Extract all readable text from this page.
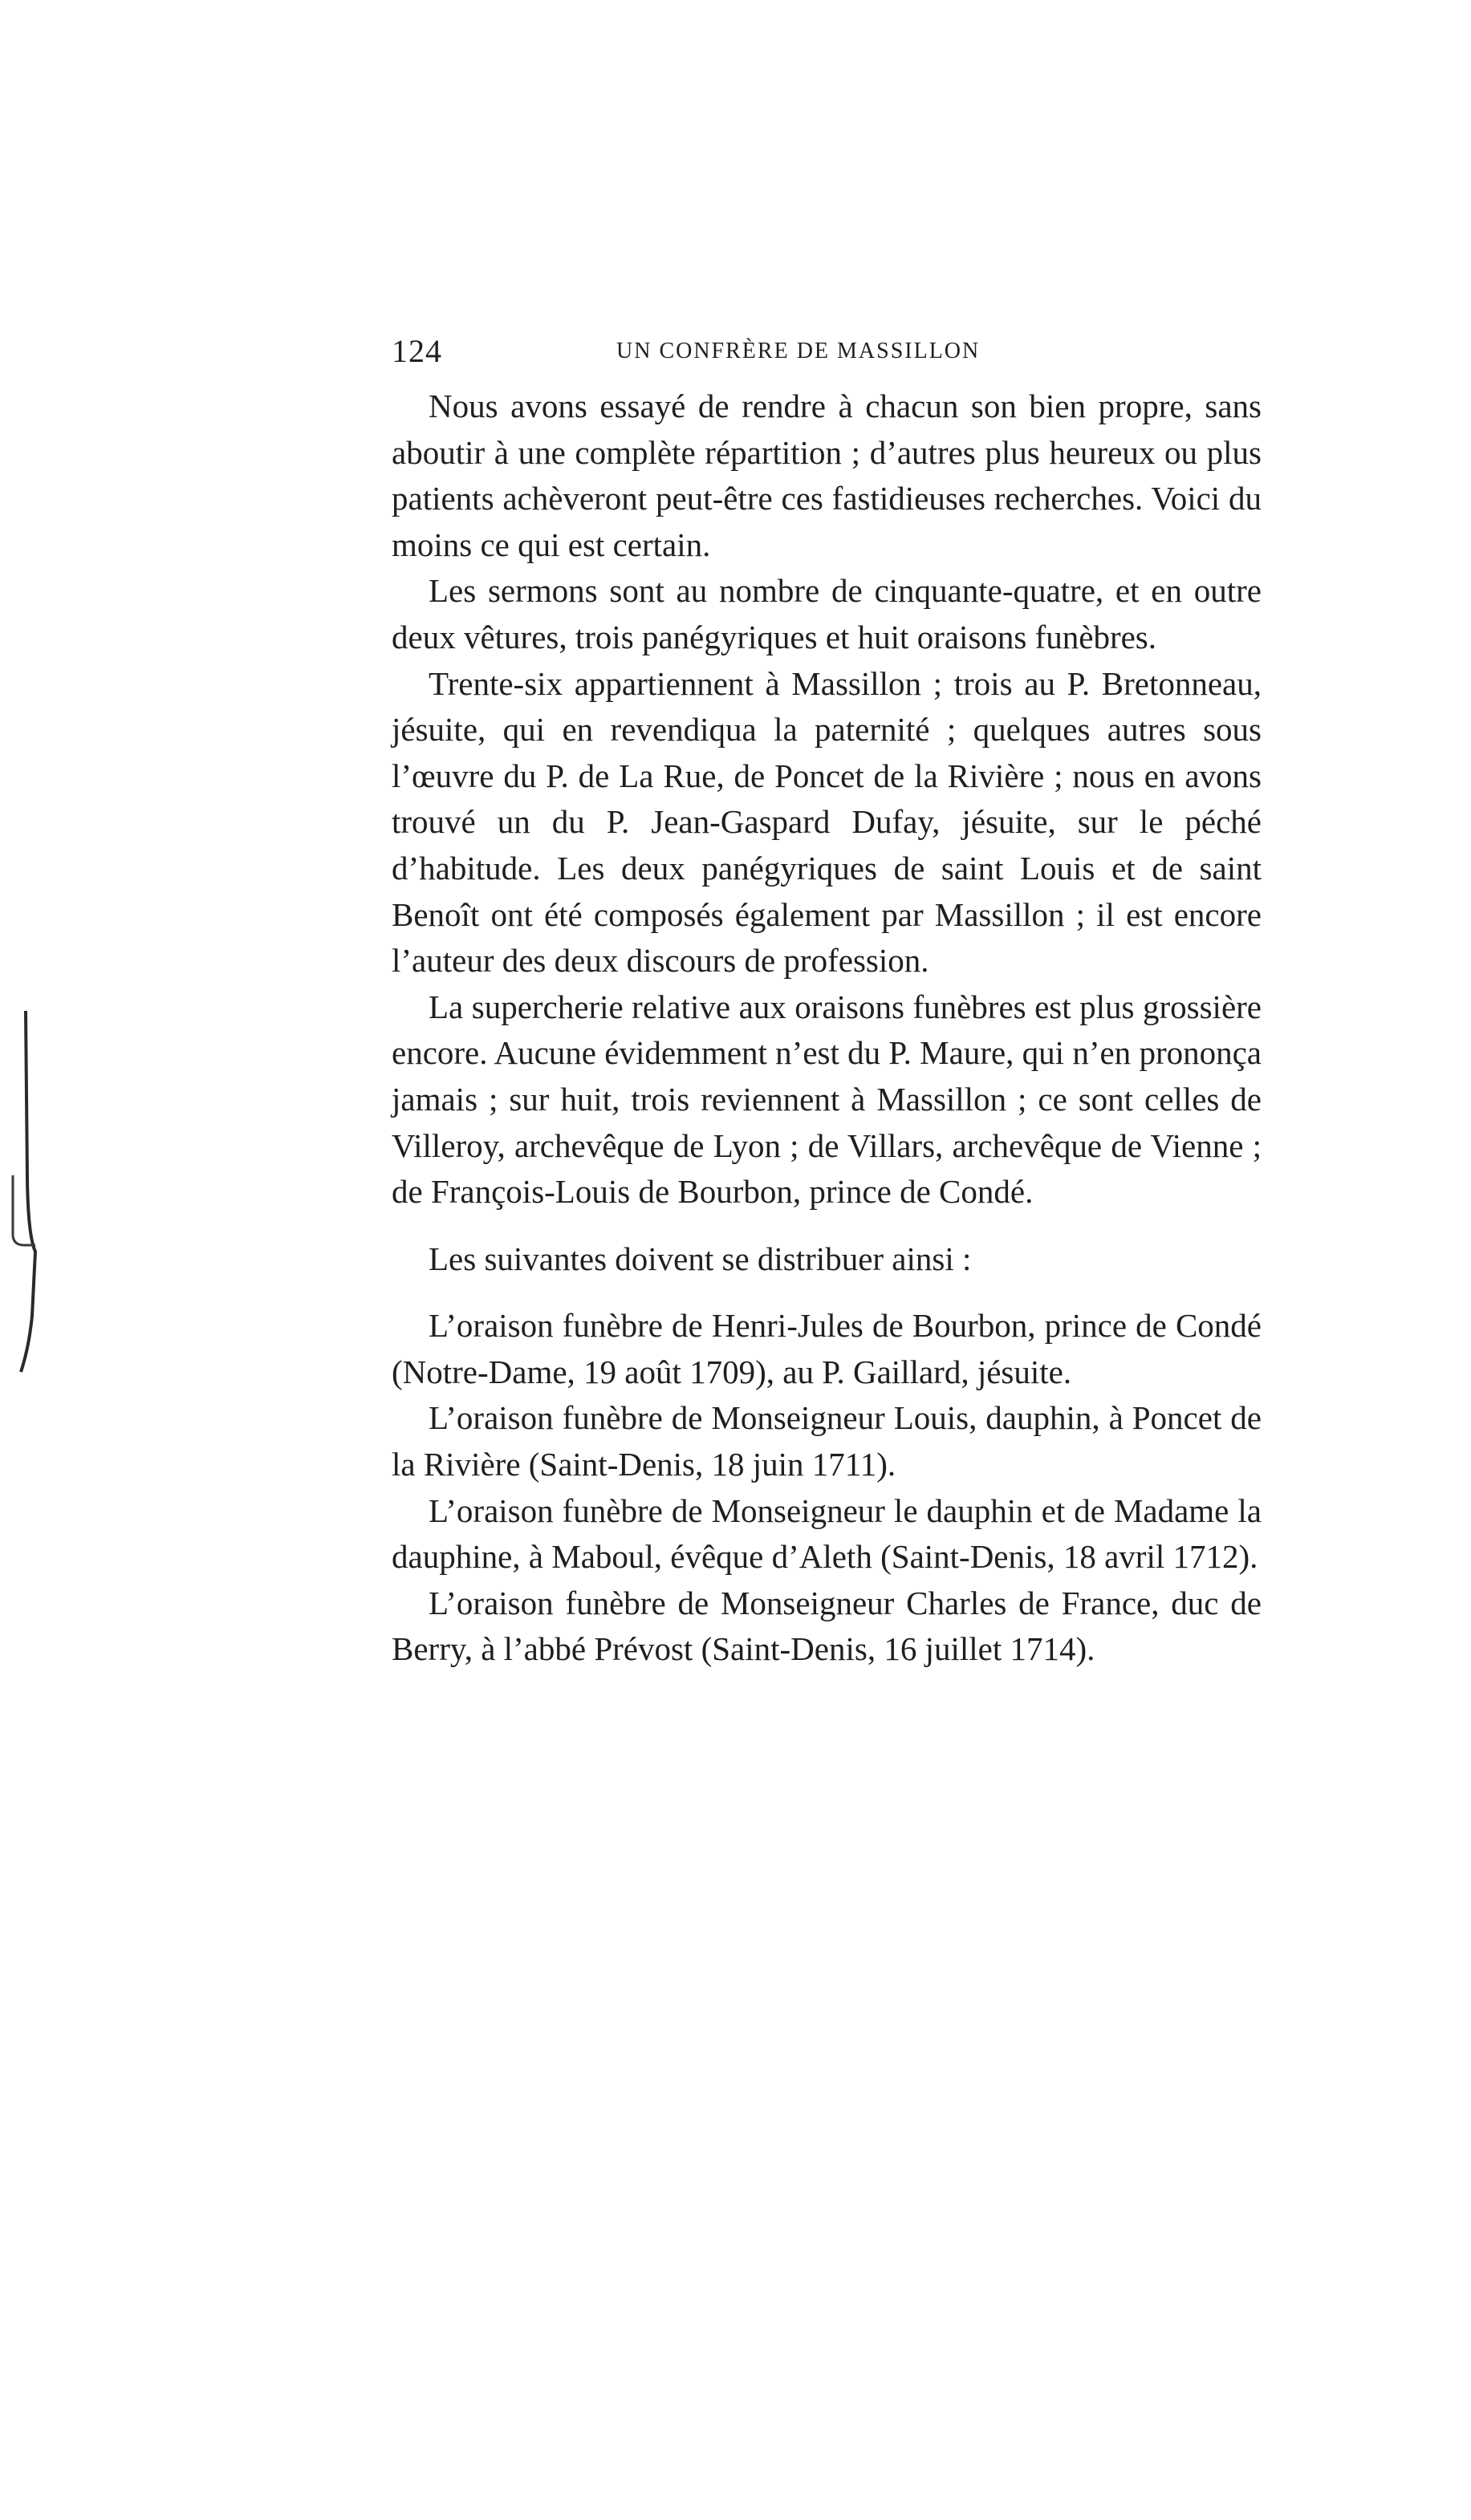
124	UN CONFRÈRE DE MASSILLON

Nous avons essayé de rendre à chacun son bien propre, sans aboutir à une complète répartition ; d’autres plus heureux ou plus patients achèveront peut-être ces fastidieuses recherches. Voici du moins ce qui est certain.

Les sermons sont au nombre de cinquante-quatre, et en outre deux vêtures, trois panégyriques et huit oraisons funèbres.

Trente-six appartiennent à Massillon ; trois au P. Bretonneau, jésuite, qui en revendiqua la paternité ; quelques autres sous l’œuvre du P. de La Rue, de Poncet de la Rivière ; nous en avons trouvé un du P. Jean-Gaspard Dufay, jésuite, sur le péché d’habitude. Les deux panégyriques de saint Louis et de saint Benoît ont été composés également par Massillon ; il est encore l’auteur des deux discours de profession.

La supercherie relative aux oraisons funèbres est plus grossière encore. Aucune évidemment n’est du P. Maure, qui n’en prononça jamais ; sur huit, trois reviennent à Massillon ; ce sont celles de Villeroy, archevêque de Lyon ; de Villars, archevêque de Vienne ; de François-Louis de Bourbon, prince de Condé.

Les suivantes doivent se distribuer ainsi :

L’oraison funèbre de Henri-Jules de Bourbon, prince de Condé (Notre-Dame, 19 août 1709), au P. Gaillard, jésuite.

L’oraison funèbre de Monseigneur Louis, dauphin, à Poncet de la Rivière (Saint-Denis, 18 juin 1711).

L’oraison funèbre de Monseigneur le dauphin et de Madame la dauphine, à Maboul, évêque d’Aleth (Saint-Denis, 18 avril 1712).

L’oraison funèbre de Monseigneur Charles de France, duc de Berry, à l’abbé Prévost (Saint-Denis, 16 juillet 1714).
